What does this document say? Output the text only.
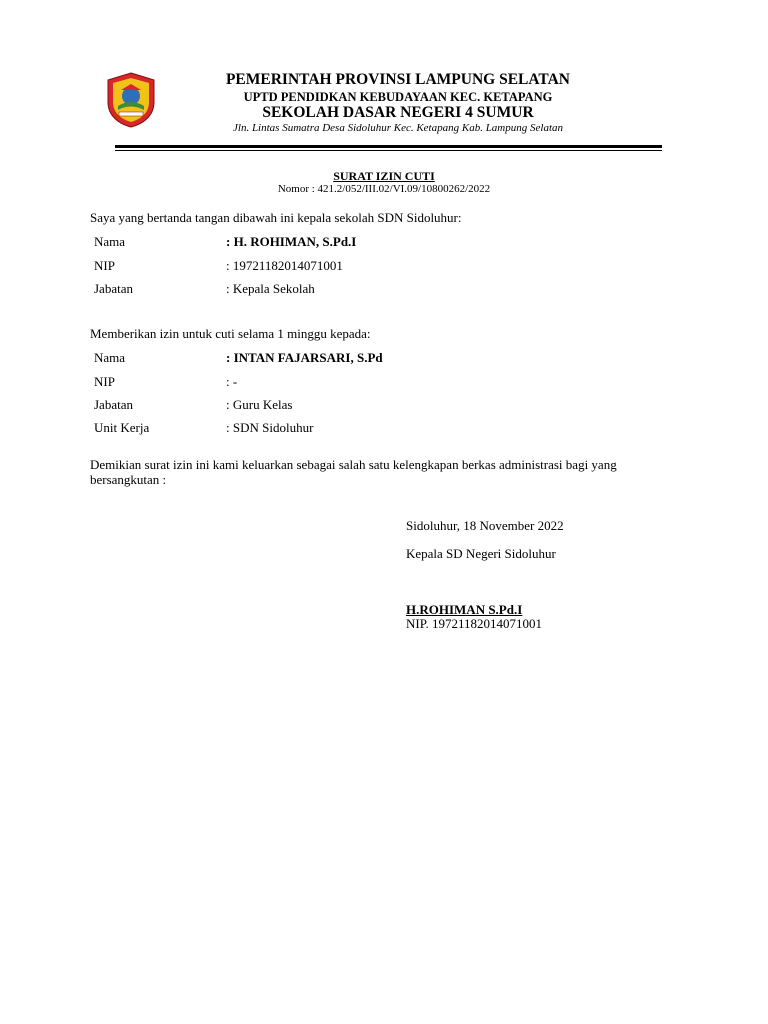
PEMERINTAH PROVINSI LAMPUNG SELATAN
UPTD PENDIDKAN KEBUDAYAAN KEC. KETAPANG
SEKOLAH DASAR NEGERI 4 SUMUR
Jln. Lintas Sumatra Desa Sidoluhur Kec. Ketapang Kab. Lampung Selatan
SURAT IZIN CUTI
Nomor : 421.2/052/III.02/VI.09/10800262/2022
Saya yang bertanda tangan dibawah ini kepala sekolah SDN Sidoluhur:
Nama	: H. ROHIMAN, S.Pd.I
NIP	: 19721182014071001
Jabatan	: Kepala Sekolah
Memberikan izin untuk cuti selama 1 minggu kepada:
Nama	: INTAN FAJARSARI, S.Pd
NIP	: -
Jabatan	: Guru Kelas
Unit Kerja	: SDN Sidoluhur
Demikian surat izin ini kami keluarkan sebagai salah satu kelengkapan berkas administrasi bagi yang bersangkutan :
Sidoluhur, 18 November 2022
Kepala SD Negeri Sidoluhur
H.ROHIMAN S.Pd.I
NIP. 19721182014071001
